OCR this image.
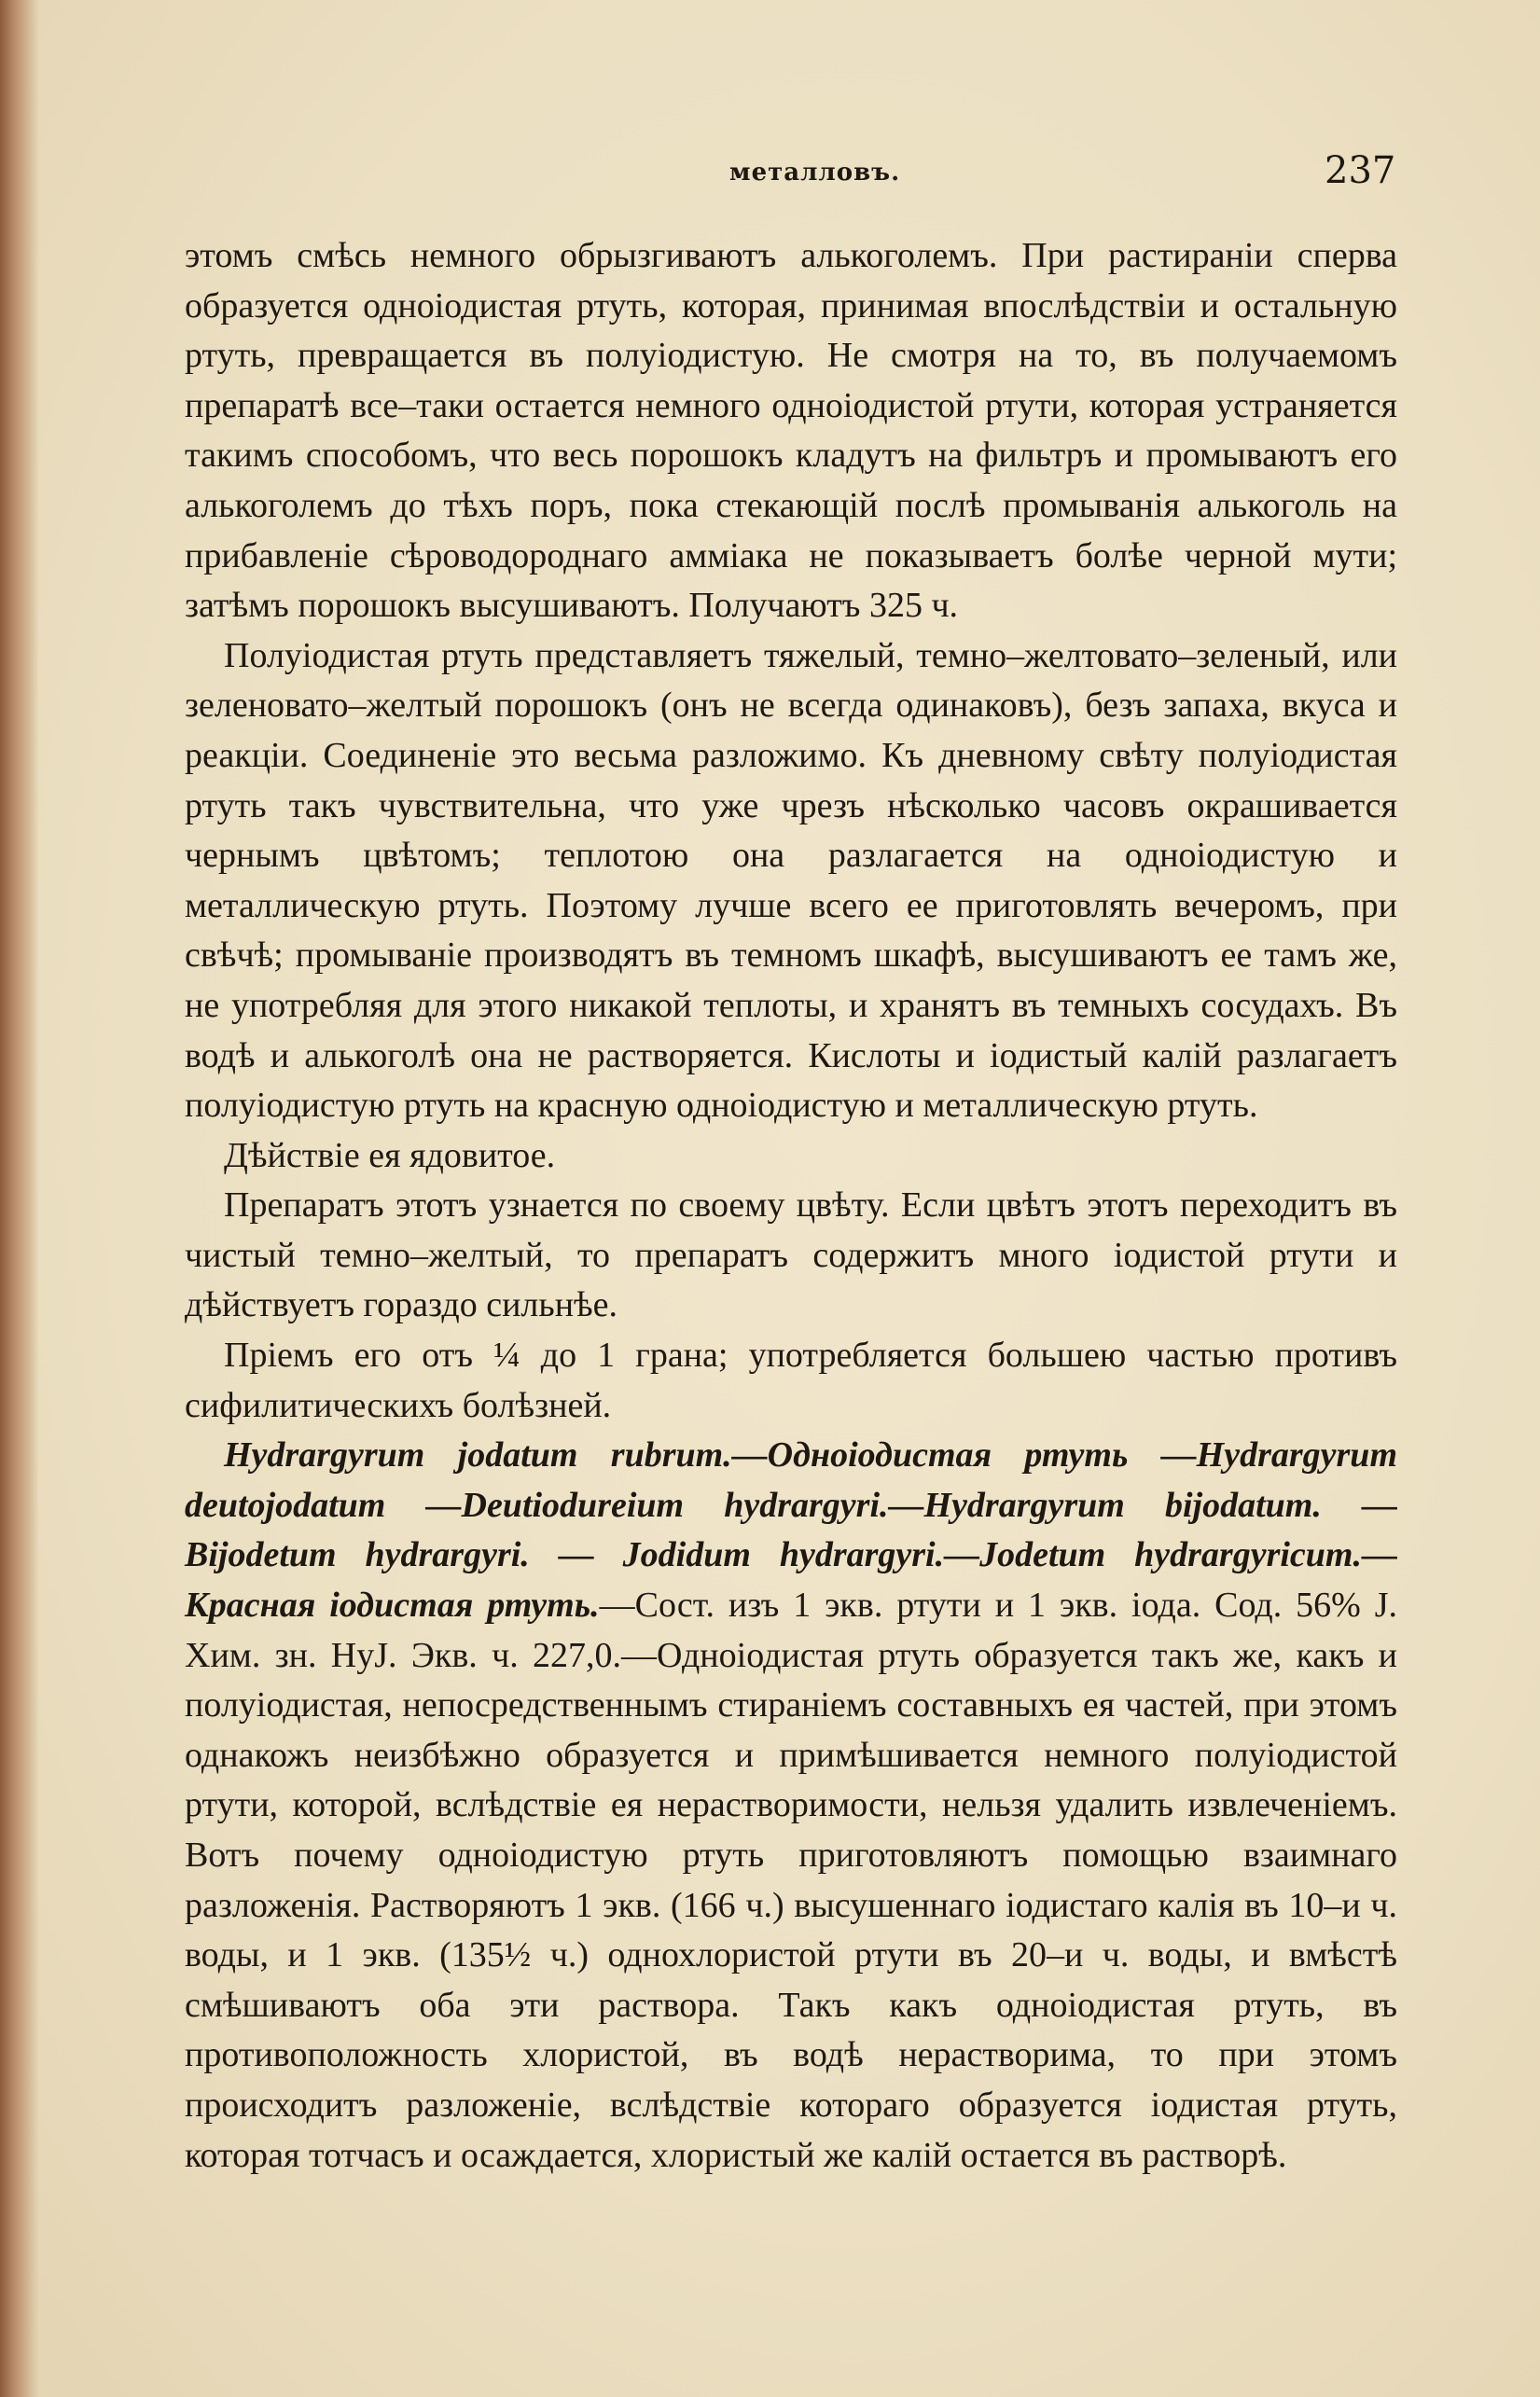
металловъ.	237

этомъ смѣсь немного обрызгиваютъ алькоголемъ. При растираніи сперва образуется одноіодистая ртуть, которая, принимая впослѣдствіи и остальную ртуть, превращается въ полуіодистую. Не смотря на то, въ получаемомъ препаратѣ все–таки остается немного одноіодистой ртути, которая устраняется такимъ способомъ, что весь порошокъ кладутъ на фильтръ и промываютъ его алькоголемъ до тѣхъ поръ, пока стекающій послѣ промыванія алькоголь на прибавленіе сѣроводороднаго амміака не показываетъ болѣе черной мути; затѣмъ порошокъ высушиваютъ. Получаютъ 325 ч.

Полуіодистая ртуть представляетъ тяжелый, темно–желтовато–зеленый, или зеленовато–желтый порошокъ (онъ не всегда одинаковъ), безъ запаха, вкуса и реакціи. Соединеніе это весьма разложимо. Къ дневному свѣту полуіодистая ртуть такъ чувствительна, что уже чрезъ нѣсколько часовъ окрашивается чернымъ цвѣтомъ; теплотою она разлагается на одноіодистую и металлическую ртуть. Поэтому лучше всего ее приготовлять вечеромъ, при свѣчѣ; промываніе производятъ въ темномъ шкафѣ, высушиваютъ ее тамъ же, не употребляя для этого никакой теплоты, и хранятъ въ темныхъ сосудахъ. Въ водѣ и алькоголѣ она не растворяется. Кислоты и іодистый калій разлагаетъ полуіодистую ртуть на красную одноіодистую и металлическую ртуть.

Дѣйствіе ея ядовитое.

Препаратъ этотъ узнается по своему цвѣту. Если цвѣтъ этотъ переходитъ въ чистый темно–желтый, то препаратъ содержитъ много іодистой ртути и дѣйствуетъ гораздо сильнѣе.

Пріемъ его отъ ¼ до 1 грана; употребляется большею частью противъ сифилитическихъ болѣзней.

Hydrargyrum jodatum rubrum.—Одноіодистая ртуть —Hydrargyrum deutojodatum —Deutiodureium hydrargyri.—Hydrargyrum bijodatum. — Bijodetum hydrargyri. — Jodidum hydrargyri.—Jodetum hydrargyricum.—Красная іодистая ртуть.—Сост. изъ 1 экв. ртути и 1 экв. іода. Сод. 56% J. Хим. зн. HyJ. Экв. ч. 227,0.—Одноіодистая ртуть образуется такъ же, какъ и полуіодистая, непосредственнымъ стираніемъ составныхъ ея частей, при этомъ однакожъ неизбѣжно образуется и примѣшивается немного полуіодистой ртути, которой, вслѣдствіе ея нерастворимости, нельзя удалить извлеченіемъ. Вотъ почему одноіодистую ртуть приготовляютъ помощью взаимнаго разложенія. Растворяютъ 1 экв. (166 ч.) высушеннаго іодистаго калія въ 10–и ч. воды, и 1 экв. (135½ ч.) однохлористой ртути въ 20–и ч. воды, и вмѣстѣ смѣшиваютъ оба эти раствора. Такъ какъ одноіодистая ртуть, въ противоположность хлористой, въ водѣ нерастворима, то при этомъ происходитъ разложеніе, вслѣдствіе котораго образуется іодистая ртуть, которая тотчасъ и осаждается, хлористый же калій остается въ растворѣ.
